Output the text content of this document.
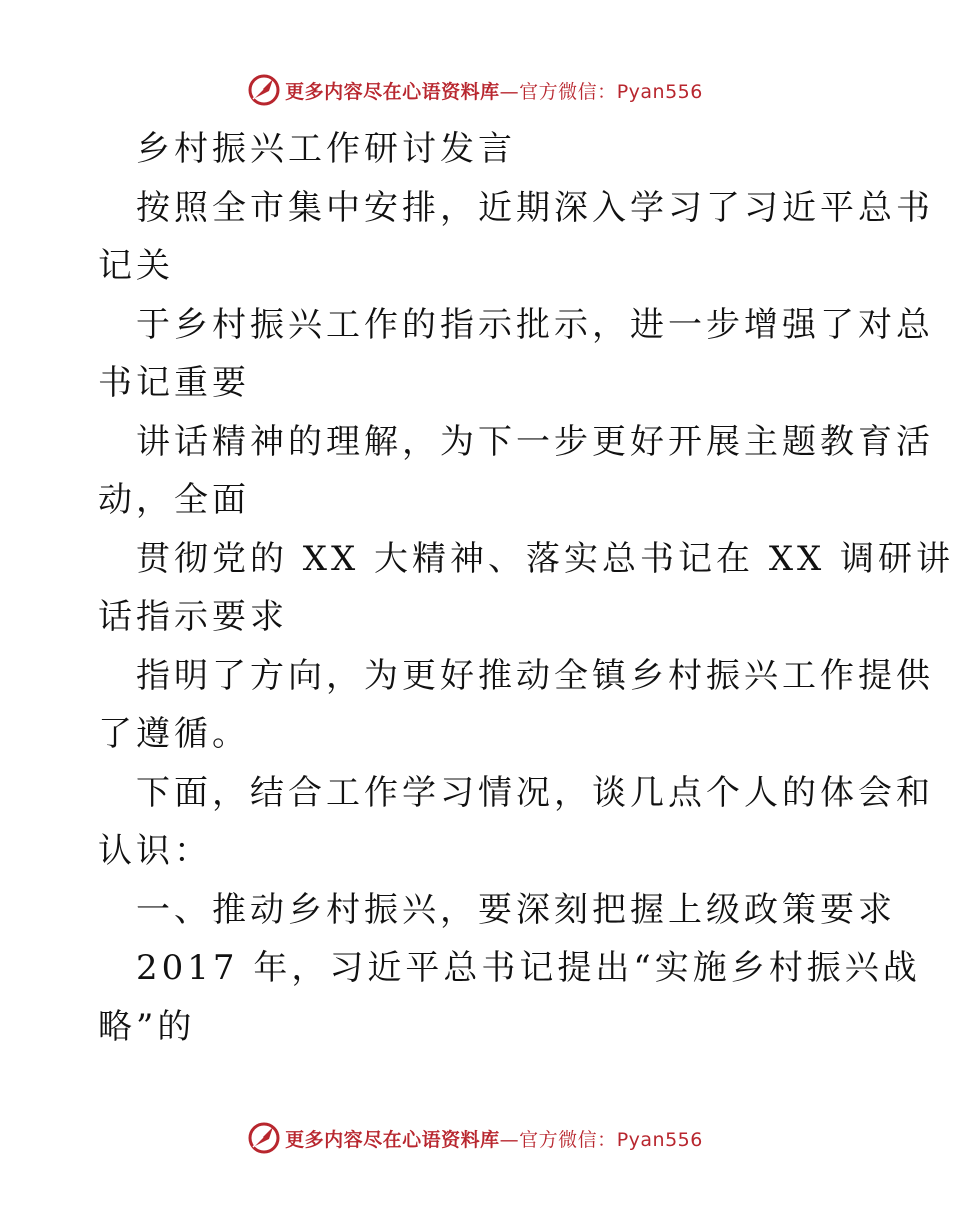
更多内容尽在心语资料库—官方微信：Pyan556
乡村振兴工作研讨发言
按照全市集中安排，近期深入学习了习近平总书
记关
于乡村振兴工作的指示批示，进一步增强了对总
书记重要
讲话精神的理解，为下一步更好开展主题教育活
动，全面
贯彻党的 XX 大精神、落实总书记在 XX 调研讲
话指示要求
指明了方向，为更好推动全镇乡村振兴工作提供
了遵循。
下面，结合工作学习情况，谈几点个人的体会和
认识：
一、推动乡村振兴，要深刻把握上级政策要求
2017 年，习近平总书记提出“实施乡村振兴战
略”的
更多内容尽在心语资料库—官方微信：Pyan556
